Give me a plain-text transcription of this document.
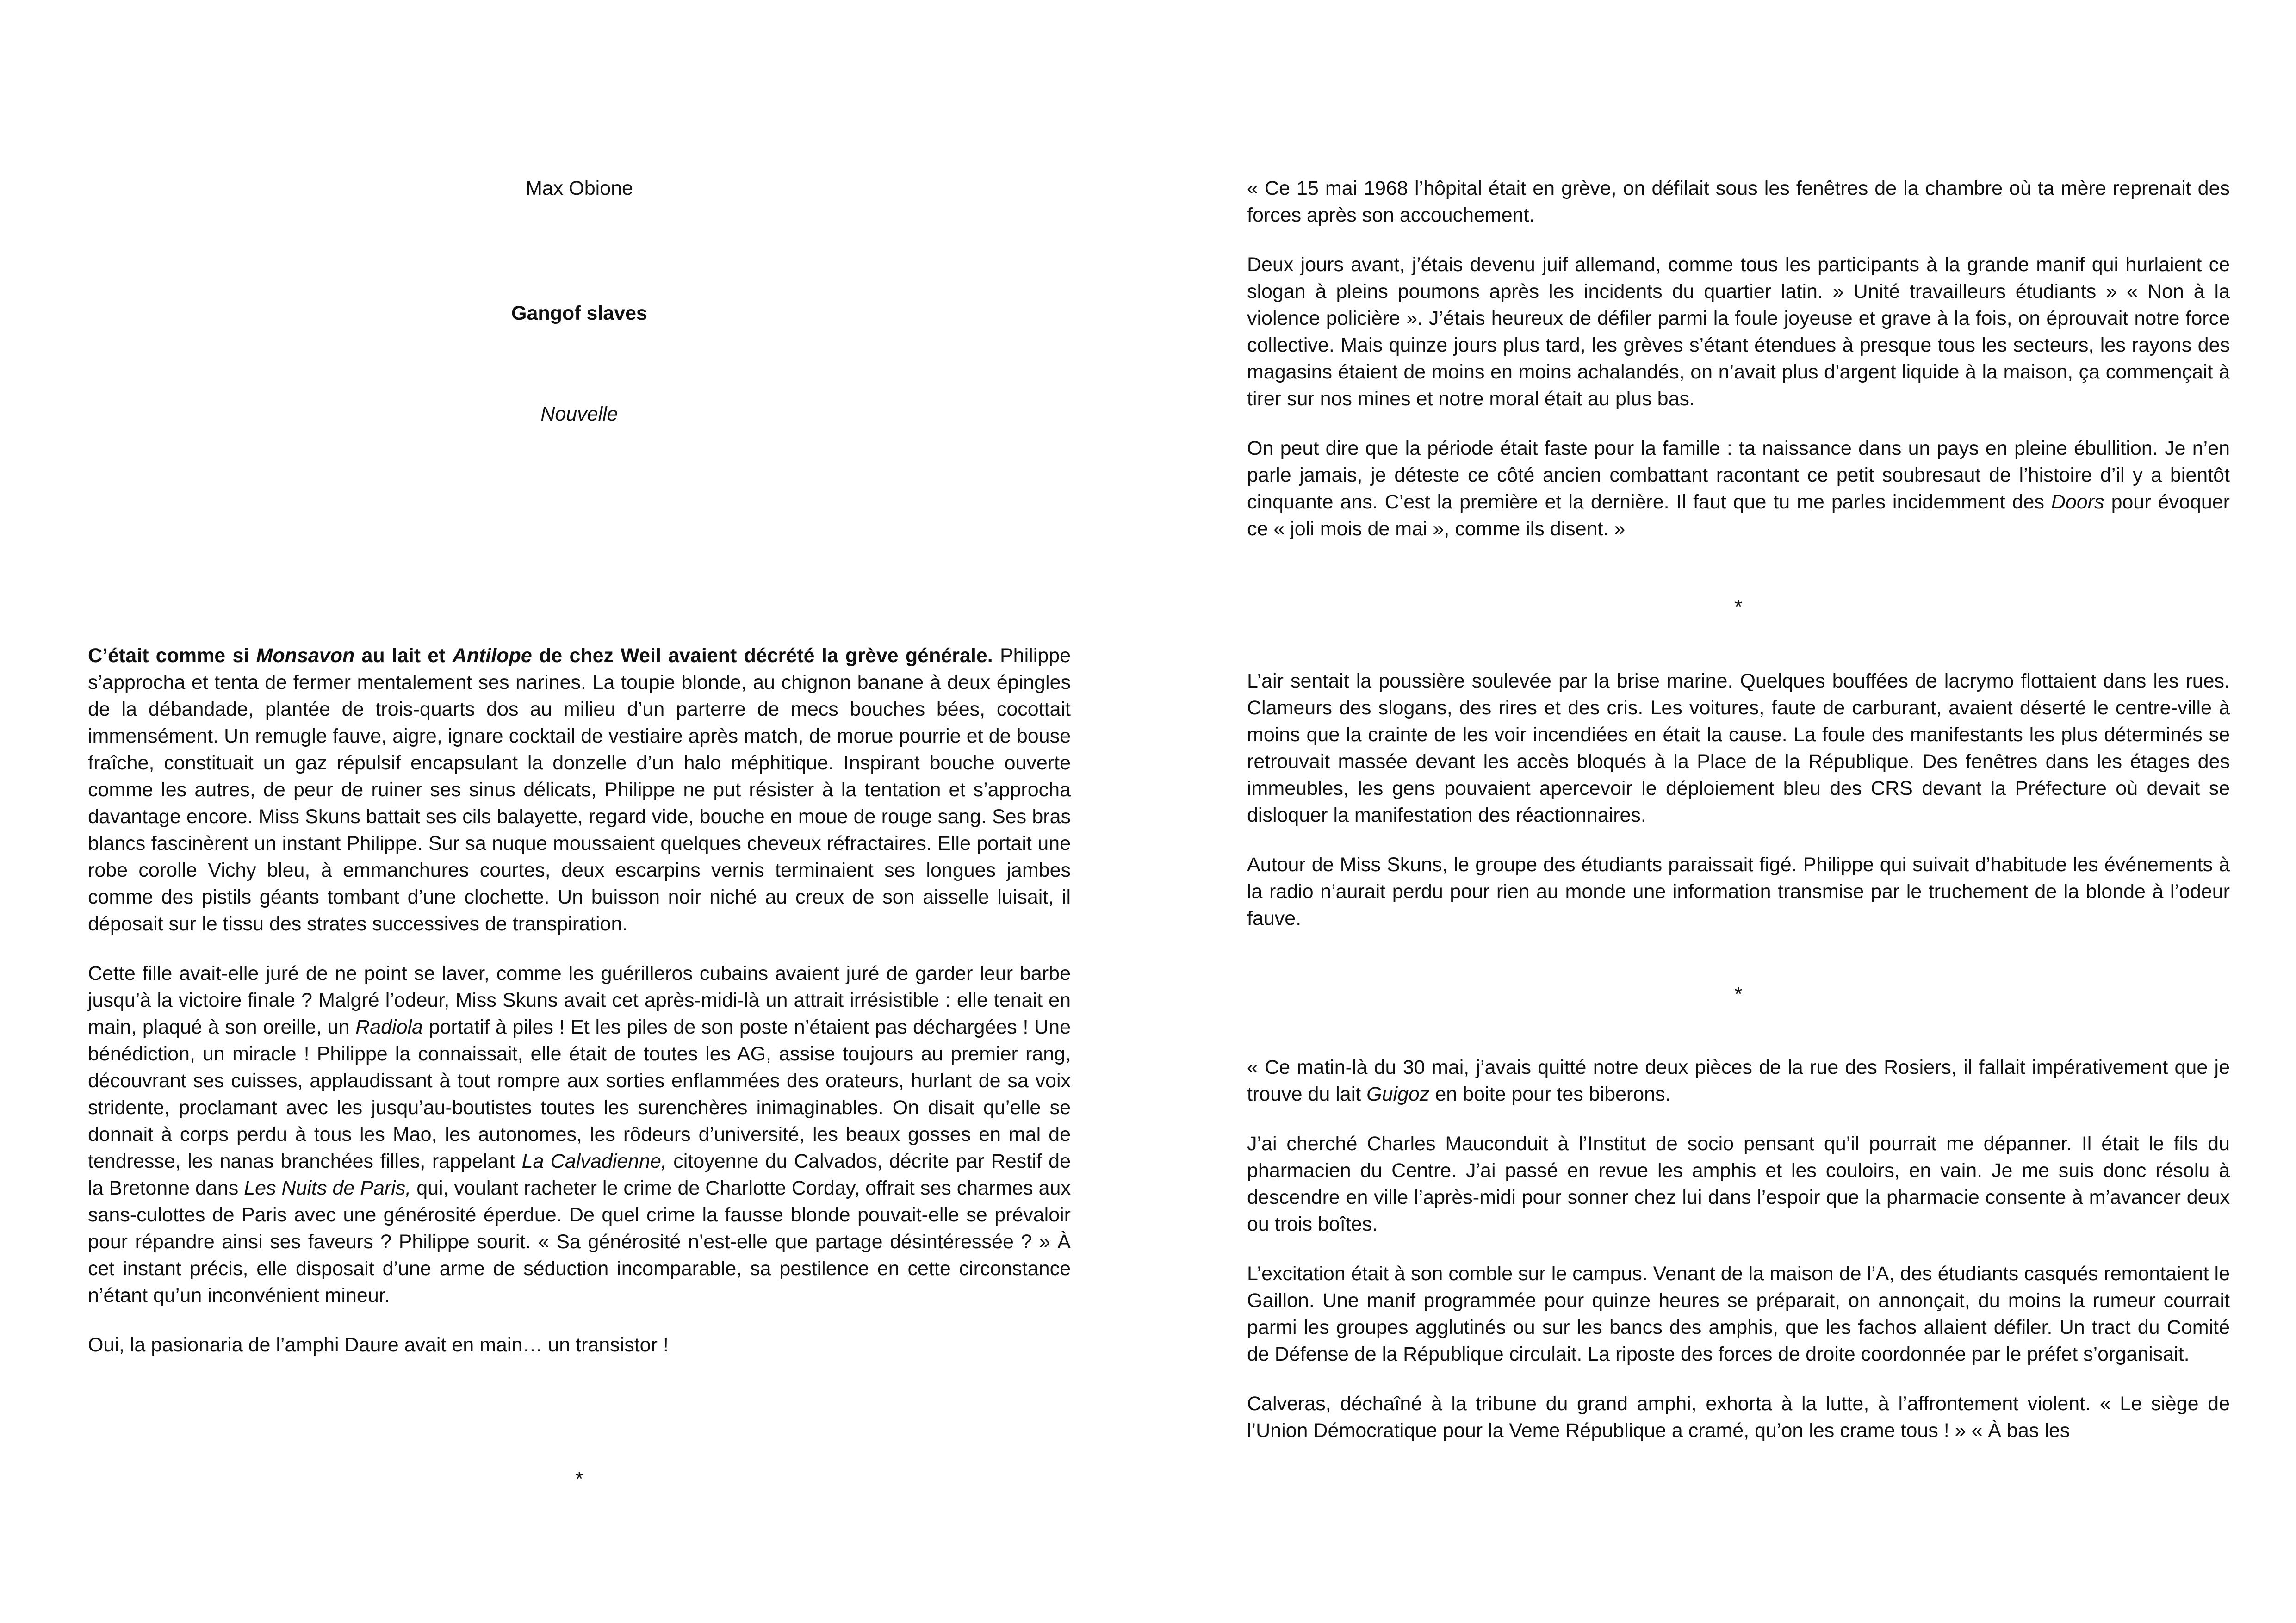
Max Obione

Gangof slaves

Nouvelle

C’était comme si Monsavon au lait et Antilope de chez Weil avaient décrété la grève générale. Philippe s’approcha et tenta de fermer mentalement ses narines. La toupie blonde, au chignon banane à deux épingles de la débandade, plantée de trois-quarts dos au milieu d’un parterre de mecs bouches bées, cocottait immensément. Un remugle fauve, aigre, ignare cocktail de vestiaire après match, de morue pourrie et de bouse fraîche, constituait un gaz répulsif encapsulant la donzelle d’un halo méphitique. Inspirant bouche ouverte comme les autres, de peur de ruiner ses sinus délicats, Philippe ne put résister à la tentation et s’approcha davantage encore. Miss Skuns battait ses cils balayette, regard vide, bouche en moue de rouge sang. Ses bras blancs fascinèrent un instant Philippe. Sur sa nuque moussaient quelques cheveux réfractaires. Elle portait une robe corolle Vichy bleu, à emmanchures courtes, deux escarpins vernis terminaient ses longues jambes comme des pistils géants tombant d’une clochette. Un buisson noir niché au creux de son aisselle luisait, il déposait sur le tissu des strates successives de transpiration.

Cette fille avait-elle juré de ne point se laver, comme les guérilleros cubains avaient juré de garder leur barbe jusqu’à la victoire finale ? Malgré l’odeur, Miss Skuns avait cet après-midi-là un attrait irrésistible : elle tenait en main, plaqué à son oreille, un Radiola portatif à piles ! Et les piles de son poste n’étaient pas déchargées ! Une bénédiction, un miracle ! Philippe la connaissait, elle était de toutes les AG, assise toujours au premier rang, découvrant ses cuisses, applaudissant à tout rompre aux sorties enflammées des orateurs, hurlant de sa voix stridente, proclamant avec les jusqu’au-boutistes toutes les surenchères inimaginables. On disait qu’elle se donnait à corps perdu à tous les Mao, les autonomes, les rôdeurs d’université, les beaux gosses en mal de tendresse, les nanas branchées filles, rappelant La Calvadienne, citoyenne du Calvados, décrite par Restif de la Bretonne dans Les Nuits de Paris, qui, voulant racheter le crime de Charlotte Corday, offrait ses charmes aux sans-culottes de Paris avec une générosité éperdue. De quel crime la fausse blonde pouvait-elle se prévaloir pour répandre ainsi ses faveurs ? Philippe sourit. « Sa générosité n’est-elle que partage désintéressée ? » À cet instant précis, elle disposait d’une arme de séduction incomparable, sa pestilence en cette circonstance n’étant qu’un inconvénient mineur.

Oui, la pasionaria de l’amphi Daure avait en main… un transistor !

*

« Ce 15 mai 1968 l’hôpital était en grève, on défilait sous les fenêtres de la chambre où ta mère reprenait des forces après son accouchement.

Deux jours avant, j’étais devenu juif allemand, comme tous les participants à la grande manif qui hurlaient ce slogan à pleins poumons après les incidents du quartier latin. » Unité travailleurs étudiants » « Non à la violence policière ». J’étais heureux de défiler parmi la foule joyeuse et grave à la fois, on éprouvait notre force collective. Mais quinze jours plus tard, les grèves s’étant étendues à presque tous les secteurs, les rayons des magasins étaient de moins en moins achalandés, on n’avait plus d’argent liquide à la maison, ça commençait à tirer sur nos mines et notre moral était au plus bas.

On peut dire que la période était faste pour la famille : ta naissance dans un pays en pleine ébullition. Je n’en parle jamais, je déteste ce côté ancien combattant racontant ce petit soubresaut de l’histoire d’il y a bientôt cinquante ans. C’est la première et la dernière. Il faut que tu me parles incidemment des Doors pour évoquer ce « joli mois de mai », comme ils disent. »

*

L’air sentait la poussière soulevée par la brise marine. Quelques bouffées de lacrymo flottaient dans les rues. Clameurs des slogans, des rires et des cris. Les voitures, faute de carburant, avaient déserté le centre-ville à moins que la crainte de les voir incendiées en était la cause. La foule des manifestants les plus déterminés se retrouvait massée devant les accès bloqués à la Place de la République. Des fenêtres dans les étages des immeubles, les gens pouvaient apercevoir le déploiement bleu des CRS devant la Préfecture où devait se disloquer la manifestation des réactionnaires.

Autour de Miss Skuns, le groupe des étudiants paraissait figé. Philippe qui suivait d’habitude les événements à la radio n’aurait perdu pour rien au monde une information transmise par le truchement de la blonde à l’odeur fauve.

*

« Ce matin-là du 30 mai, j’avais quitté notre deux pièces de la rue des Rosiers, il fallait impérativement que je trouve du lait Guigoz en boite pour tes biberons.

J’ai cherché Charles Mauconduit à l’Institut de socio pensant qu’il pourrait me dépanner. Il était le fils du pharmacien du Centre. J’ai passé en revue les amphis et les couloirs, en vain. Je me suis donc résolu à descendre en ville l’après-midi pour sonner chez lui dans l’espoir que la pharmacie consente à m’avancer deux ou trois boîtes.

L’excitation était à son comble sur le campus. Venant de la maison de l’A, des étudiants casqués remontaient le Gaillon. Une manif programmée pour quinze heures se préparait, on annonçait, du moins la rumeur courrait parmi les groupes agglutinés ou sur les bancs des amphis, que les fachos allaient défiler. Un tract du Comité de Défense de la République circulait. La riposte des forces de droite coordonnée par le préfet s’organisait.

Calveras, déchaîné à la tribune du grand amphi, exhorta à la lutte, à l’affrontement violent. « Le siège de l’Union Démocratique pour la Veme République a cramé, qu’on les crame tous ! » « À bas les
